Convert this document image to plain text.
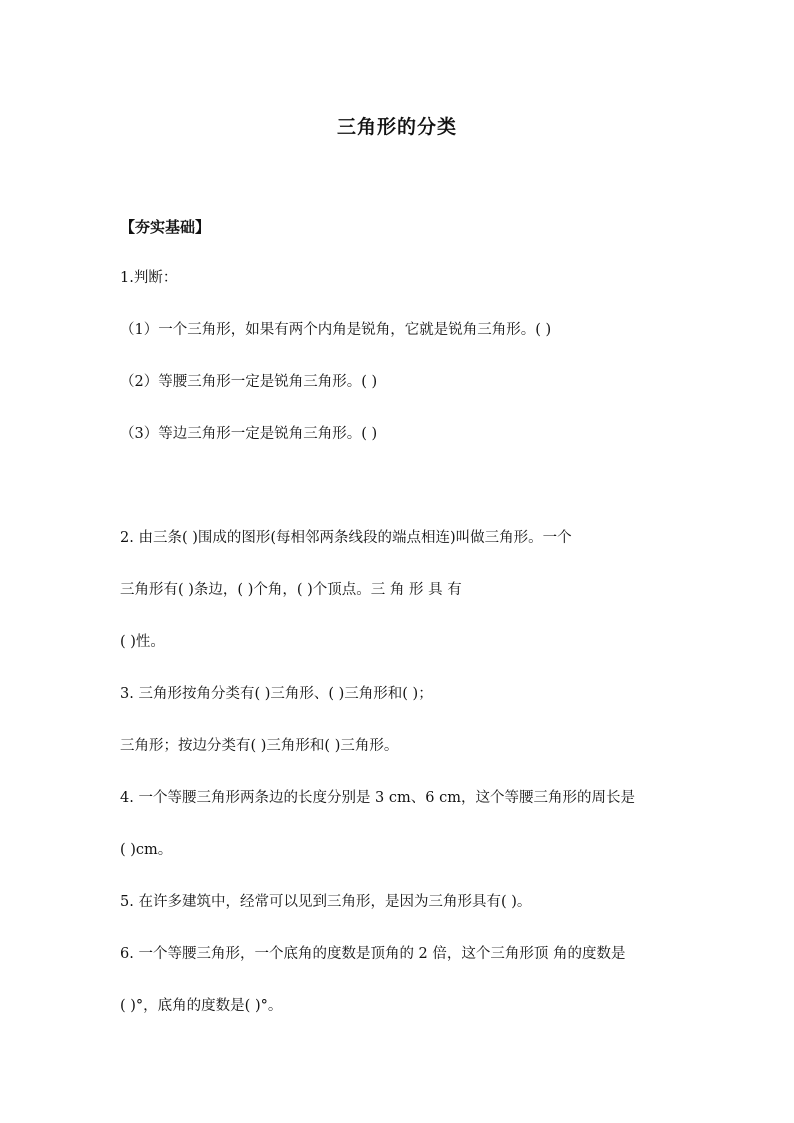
三角形的分类
【夯实基础】
1.判断：
（1）一个三角形，如果有两个内角是锐角，它就是锐角三角形。( )
（2）等腰三角形一定是锐角三角形。( )
（3）等边三角形一定是锐角三角形。( )
2. 由三条( )围成的图形(每相邻两条线段的端点相连)叫做三角形。一个
三角形有( )条边，( )个角，( )个顶点。三 角 形 具 有
( )性。
3. 三角形按角分类有( )三角形、( )三角形和( )；
三角形；按边分类有( )三角形和( )三角形。
4. 一个等腰三角形两条边的长度分别是 3 cm、6 cm，这个等腰三角形的周长是
( )cm。
5. 在许多建筑中，经常可以见到三角形，是因为三角形具有( )。
6. 一个等腰三角形，一个底角的度数是顶角的 2 倍，这个三角形顶 角的度数是
( )°，底角的度数是( )°。
